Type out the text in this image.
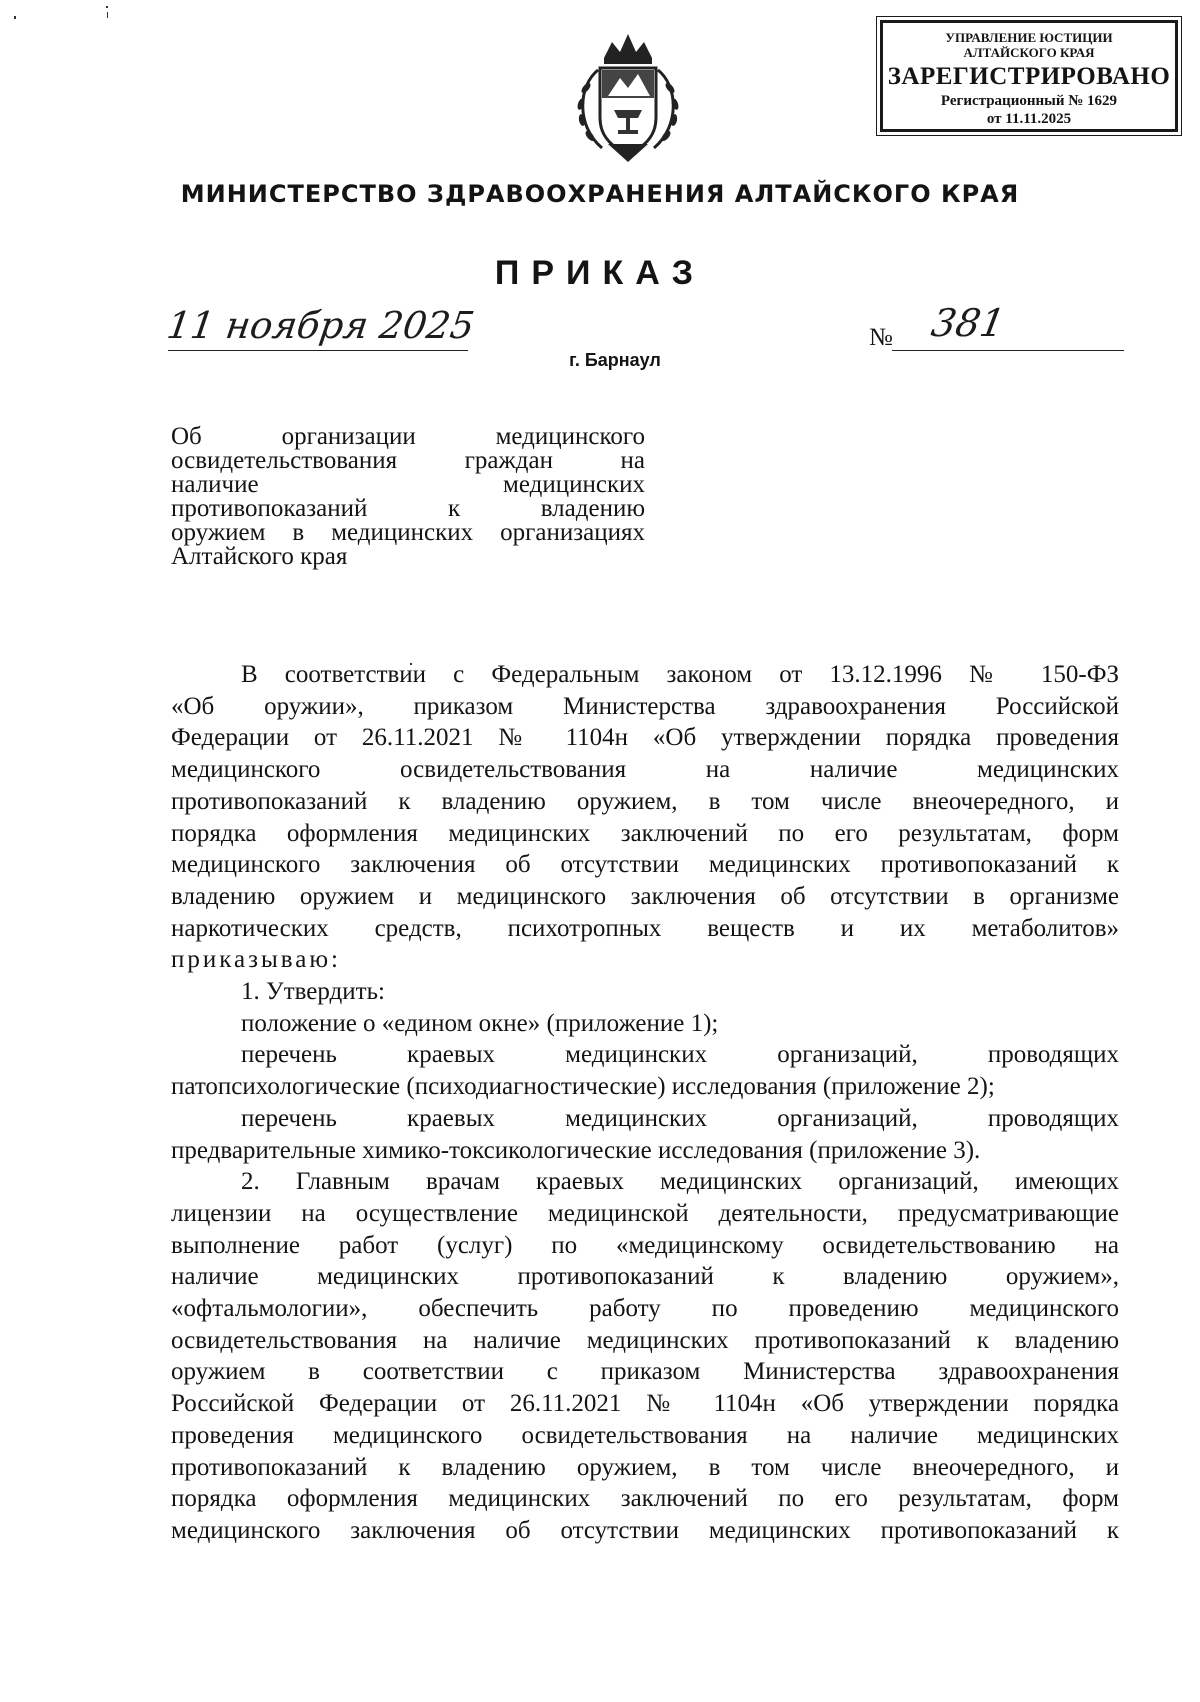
УПРАВЛЕНИЕ ЮСТИЦИИ
АЛТАЙСКОГО КРАЯ
ЗАРЕГИСТРИРОВАНО
Регистрационный № 1629
от 11.11.2025
МИНИСТЕРСТВО ЗДРАВООХРАНЕНИЯ АЛТАЙСКОГО КРАЯ
ПРИКАЗ
11 ноября 2025	№ 381
г. Барнаул
Об организации медицинского
освидетельствования граждан на
наличие медицинских
противопоказаний к владению
оружием в медицинских организациях
Алтайского края
В соответствии с Федеральным законом от 13.12.1996 № 150-ФЗ
«Об оружии», приказом Министерства здравоохранения Российской
Федерации от 26.11.2021 № 1104н «Об утверждении порядка проведения
медицинского освидетельствования на наличие медицинских
противопоказаний к владению оружием, в том числе внеочередного, и
порядка оформления медицинских заключений по его результатам, форм
медицинского заключения об отсутствии медицинских противопоказаний к
владению оружием и медицинского заключения об отсутствии в организме
наркотических средств, психотропных веществ и их метаболитов»
приказываю:
1. Утвердить:
положение о «едином окне» (приложение 1);
перечень краевых медицинских организаций, проводящих
патопсихологические (психодиагностические) исследования (приложение 2);
перечень краевых медицинских организаций, проводящих
предварительные химико-токсикологические исследования (приложение 3).
2. Главным врачам краевых медицинских организаций, имеющих
лицензии на осуществление медицинской деятельности, предусматривающие
выполнение работ (услуг) по «медицинскому освидетельствованию на
наличие медицинских противопоказаний к владению оружием»,
«офтальмологии», обеспечить работу по проведению медицинского
освидетельствования на наличие медицинских противопоказаний к владению
оружием в соответствии с приказом Министерства здравоохранения
Российской Федерации от 26.11.2021 № 1104н «Об утверждении порядка
проведения медицинского освидетельствования на наличие медицинских
противопоказаний к владению оружием, в том числе внеочередного, и
порядка оформления медицинских заключений по его результатам, форм
медицинского заключения об отсутствии медицинских противопоказаний к
